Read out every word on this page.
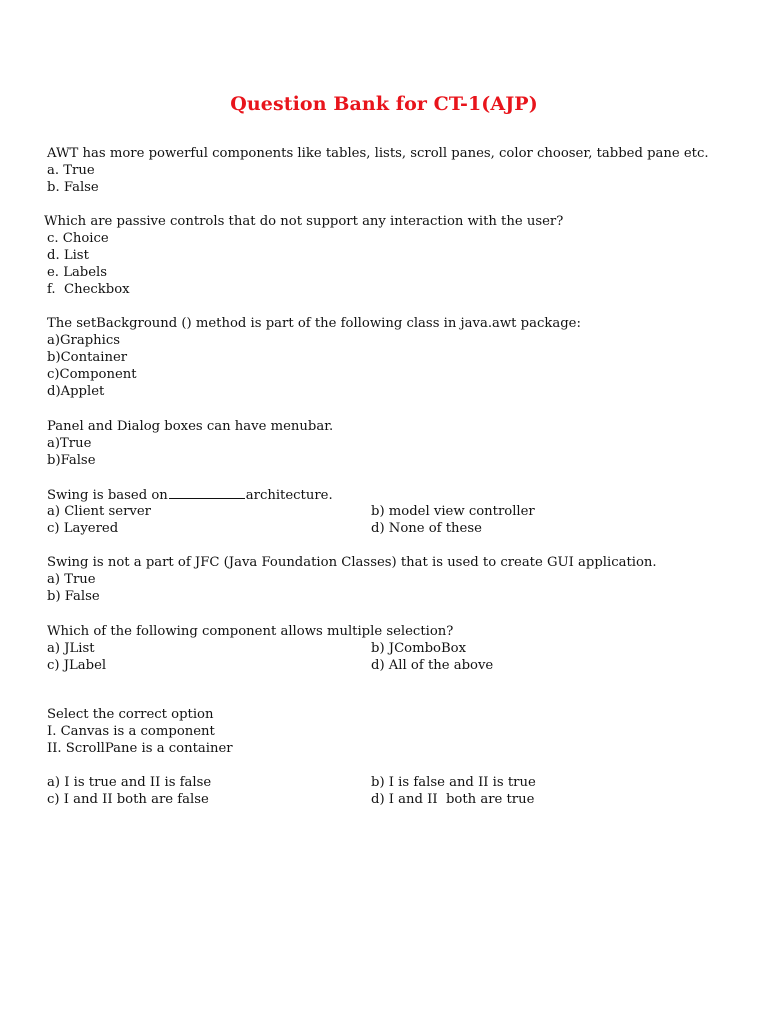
Question Bank for CT-1(AJP)

AWT has more powerful components like tables, lists, scroll panes, color chooser, tabbed pane etc.

a. True

b. False

Which are passive controls that do not support any interaction with the user?

c. Choice

d. List

e. Labels

f.  Checkbox

The setBackground () method is part of the following class in java.awt package:

a)Graphics

b)Container

c)Component

d)Applet

Panel and Dialog boxes can have menubar.

a)True

b)False

Swing is based on	architecture.

a) Client server	b) model view controller

c) Layered	d) None of these

Swing is not a part of JFC (Java Foundation Classes) that is used to create GUI application.

a) True

b) False

Which of the following component allows multiple selection?

a) JList	b) JComboBox

c) JLabel	d) All of the above

Select the correct option

I. Canvas is a component

II. ScrollPane is a container

a) I is true and II is false	b) I is false and II is true

c) I and II both are false	d) I and II  both are true
